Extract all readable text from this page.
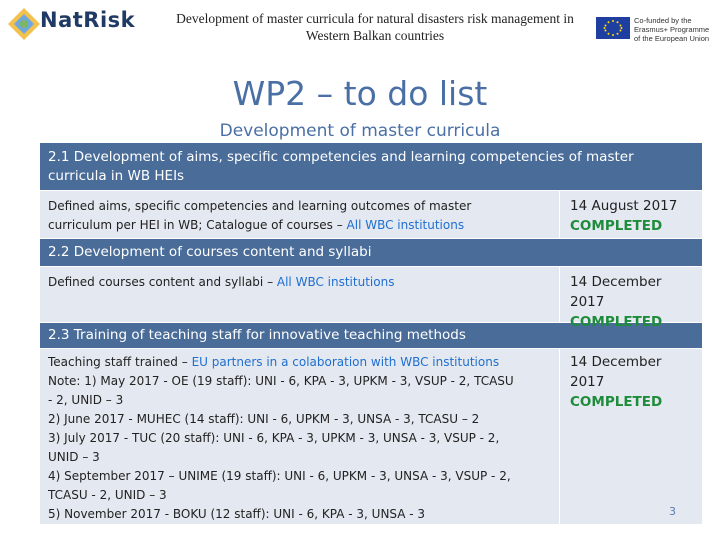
NatRisk	Development of master curricula for natural disasters risk management in
Western Balkan countries
Co-funded by the
Erasmus+ Programme
of the European Union
WP2 – to do list
Development of master curricula
2.1 Development of aims, specific competencies and learning competencies of master curricula in WB HEIs
Defined aims, specific competencies and learning outcomes of master
curriculum per HEI in WB; Catalogue of courses – All WBC institutions
14 August 2017
COMPLETED
2.2 Development of courses content and syllabi
Defined courses content and syllabi – All WBC institutions	14 December 2017
COMPLETED
2.3 Training of teaching staff for innovative teaching methods
Teaching staff trained – EU partners in a colaboration with WBC institutions
Note: 1) May 2017 - OE (19 staff): UNI - 6, KPA - 3, UPKM - 3, VSUP - 2, TCASU
- 2, UNID – 3
2) June 2017 - MUHEC (14 staff): UNI - 6, UPKM - 3, UNSA - 3, TCASU – 2
3) July 2017 - TUC (20 staff): UNI - 6, KPA - 3, UPKM - 3, UNSA - 3, VSUP - 2,
UNID – 3
4) September 2017 – UNIME (19 staff): UNI - 6, UPKM - 3, UNSA - 3, VSUP - 2,
TCASU - 2, UNID – 3
5) November 2017 - BOKU (12 staff): UNI - 6, KPA - 3, UNSA - 3
14 December 2017
COMPLETED
3
